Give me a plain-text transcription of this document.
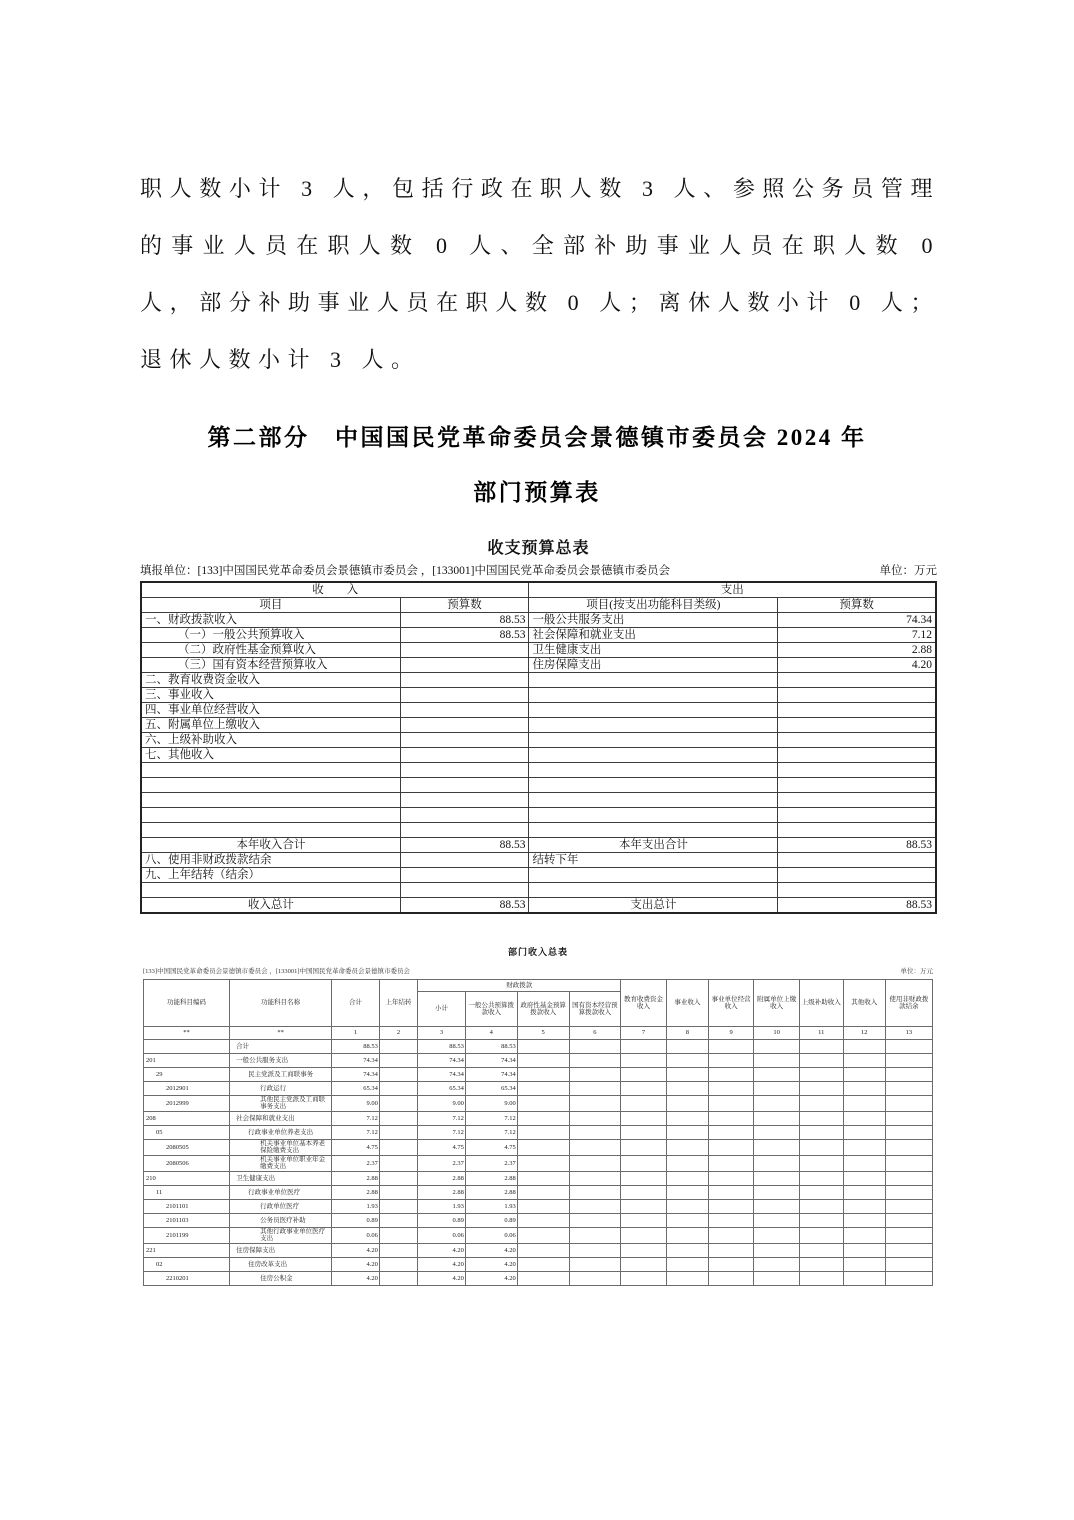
职人数小计 3 人，包括行政在职人数 3 人、参照公务员管理的事业人员在职人数 0 人、全部补助事业人员在职人数 0 人，部分补助事业人员在职人数 0 人；离休人数小计 0 人；退休人数小计 3 人。

第二部分　中国国民党革命委员会景德镇市委员会 2024 年
部门预算表
收支预算总表
填报单位：[133]中国国民党革命委员会景德镇市委员会 ，[133001]中国国民党革命委员会景德镇市委员会	单位：万元
收　　入		支出	
项目	预算数	项目(按支出功能科目类级)	预算数
一、财政拨款收入	88.53	一般公共服务支出	74.34
（一）一般公共预算收入	88.53	社会保障和就业支出	7.12
（二）政府性基金预算收入		卫生健康支出	2.88
（三）国有资本经营预算收入		住房保障支出	4.20
二、教育收费资金收入			
三、事业收入			
四、事业单位经营收入			
五、附属单位上缴收入			
六、上级补助收入			
七、其他收入			

本年收入合计	88.53	本年支出合计	88.53
八、使用非财政拨款结余		结转下年	
九、上年结转（结余）			

收入总计	88.53	支出总计	88.53
部门收入总表
[133]中国国民党革命委员会景德镇市委员会 ，[133001]中国国民党革命委员会景德镇市委员会	单位：万元
功能科目编码	功能科目名称	合计	上年结转	财政拨款				教育收费资金收入	事业收入	事业单位经营收入	附属单位上缴收入	上级补助收入	其他收入	使用非财政拨款结余
				小计	一般公共预算拨款收入	政府性基金预算拨款收入	国有资本经营预算拨款收入							
**	**	1	2	3	4	5	6	7	8	9	10	11	12	13
	合计	88.53		88.53	88.53									
201	一般公共服务支出	74.34		74.34	74.34									
29	民主党派及工商联事务	74.34		74.34	74.34									
2012901	行政运行	65.34		65.34	65.34									
2012999	其他民主党派及工商联事务支出	9.00		9.00	9.00									
208	社会保障和就业支出	7.12		7.12	7.12									
05	行政事业单位养老支出	7.12		7.12	7.12									
2080505	机关事业单位基本养老保险缴费支出	4.75		4.75	4.75									
2080506	机关事业单位职业年金缴费支出	2.37		2.37	2.37									
210	卫生健康支出	2.88		2.88	2.88									
11	行政事业单位医疗	2.88		2.88	2.88									
2101101	行政单位医疗	1.93		1.93	1.93									
2101103	公务员医疗补助	0.89		0.89	0.89									
2101199	其他行政事业单位医疗支出	0.06		0.06	0.06									
221	住房保障支出	4.20		4.20	4.20									
02	住房改革支出	4.20		4.20	4.20									
2210201	住房公积金	4.20		4.20	4.20									
